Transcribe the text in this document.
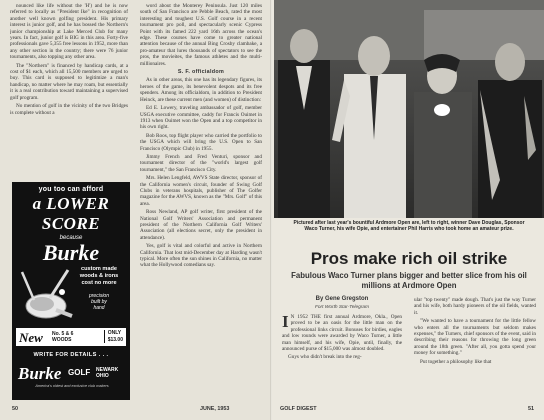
nounced like life without the 'H') and he is now referred to locally as "President Ike" in recognition of another well known golfing president. His primary interest is junior golf, and he has bossed the Northern's junior championship at Lake Merced Club for many years. In fact, junior golf is BIG in this area. Forty-five professionals gave 5,355 free lessons in 1952, more than any other section in the country; there were 76 junior tournaments, also topping any other area.

The "Northern" is financed by handicap cards, at a cost of $1 each, which all 15,500 members are urged to buy. This card is supposed to legitimize a man's handicap, no matter where he may roam, but essentially it is a real contribution toward maintaining a supervised golf program.

No mention of golf in the vicinity of the two Bridges is complete without a

word about the Monterey Peninsula. Just 120 miles south of San Francisco are Pebble Beach, rated the most interesting and toughest U.S. Golf course in a recent tournament pro poll, and spectacularly scenic Cypress Point with its famed 222 yard 16th across the ocean's edge. These courses have come to greater national attention because of the annual Bing Crosby clambake, a pro-amateur that lures thousands of spectators to see the pros, the movieites, the famous athletes and the multi-millionaires.

S. F. officialdom

As in other areas, this one has its legendary figures, its heroes of the game, its benevolent despots and its free spenders. Among its officialdom, in addition to President Heinck, are these current men (and women) of distinction:

Ed E. Lowery, traveling ambassador of golf, member USGA executive committee, caddy for Francis Ouimet in 1913 when Ouimet won the Open and a top competitor in his own right.

Bob Roos, top flight player who carried the portfolio to the USGA which will bring the U.S. Open to San Francisco (Olympic Club) in 1955.

Jimmy French and Fred Venturi, sponsor and tournament director of the "world's largest golf tournament," the San Francisco City.

Mrs. Helen Lengfeld, AWVS State director, sponsor of the California women's circuit, founder of Swing Golf Clubs in veterans hospitals, publisher of The Golfer magazine for the AWVS, known as the "Mrs. Golf" of this area.

Ross Newland, AP golf writer, first president of the National Golf Writers' Association and permanent president of the Northern California Golf Writers' Association (all elections secret, only the president in attendance).

Yes, golf is vital and colorful and active in Northern California. That lost mid-December day at Harding wasn't typical. More often the sun shines in California, no matter what the Hollywood comedians say.

you too can afford
a LOWER SCORE
because
Burke
custom made
woods & irons
cost no more
precision
built by
hand
New No. 5 & 6
WOODS
ONLY
$13.00
WRITE FOR DETAILS . . .
Burke GOLF NEWARK
OHIO
America's oldest and exclusive club makers
50	JUNE, 1953
Pictured after last year's bountiful Ardmore Open are, left to right, winner Dave Douglas, Sponsor Waco Turner, his wife Opie, and entertainer Phil Harris who took home an amateur prize.
Pros make rich oil strike
Fabulous Waco Turner plans bigger and better slice from his oil millions at Ardmore Open
By Gene Gregston
Fort Worth Star-Telegram

I N 1952 THE first annual Ardmore, Okla., Open proved to be an oasis for the little man on the professional links circuit. Bonuses for birdies, eagles and low rounds were awarded by Waco Turner, a little man himself, and his wife, Opie, until, finally, the announced purse of $15,000 was almost doubled.

Guys who didn't break into the reg-

ular "top twenty" made dough. That's just the way Turner and his wife, both hardy pioneers of the oil fields, wanted it.

"We wanted to have a tournament for the little fellow who enters all the tournaments but seldom makes expenses," the Turners, chief sponsors of the event, said in describing their reasons for throwing the long green around the 18th green. "After all, you gotta spend your money for something."

Put together a philosophy like that

GOLF DIGEST	51
